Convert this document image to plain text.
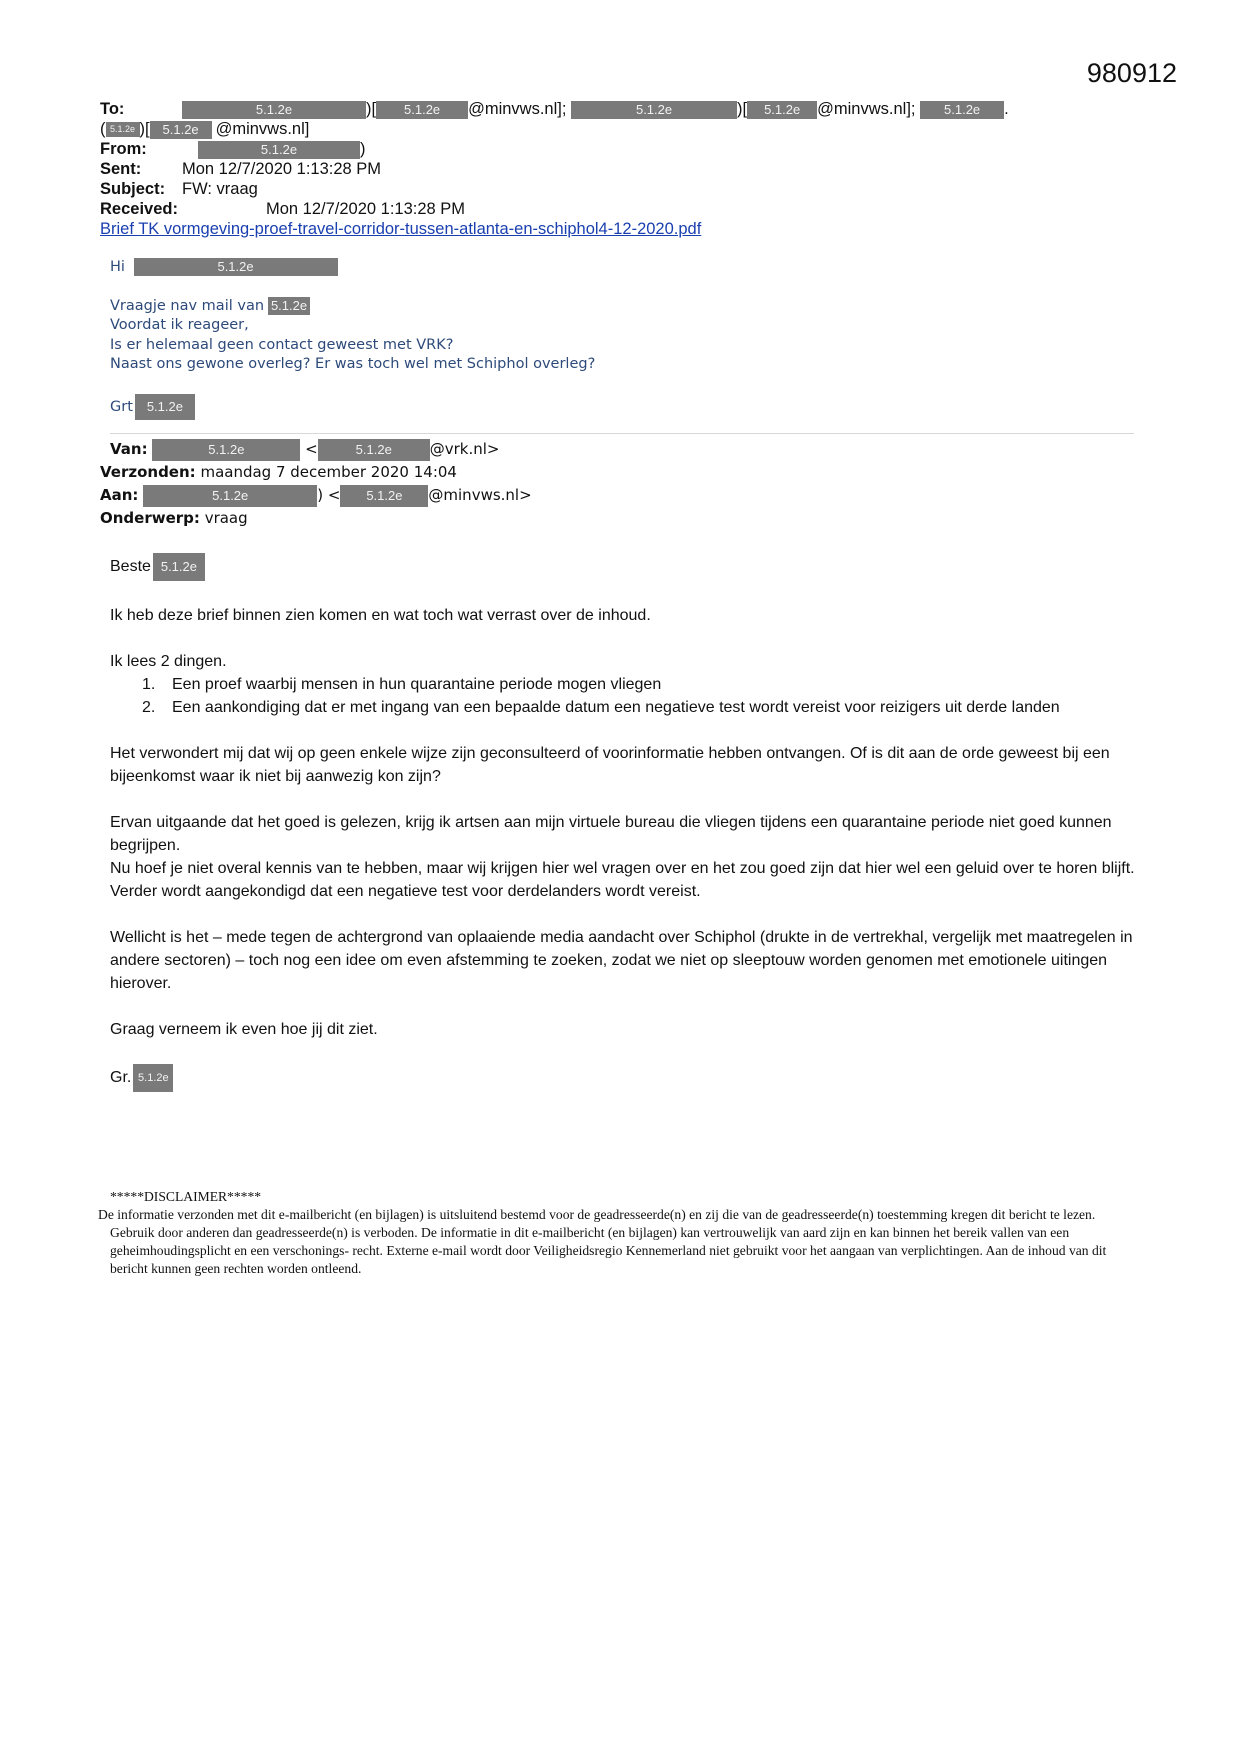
980912
To:	5.1.2e	)[ 5.1.2e @minvws.nl];	5.1.2e	)[ 5.1.2e @minvws.nl]; 5.1.2e .
( 5.1.2e )[ 5.1.2e @minvws.nl]
From:	5.1.2e	)
Sent: Mon 12/7/2020 1:13:28 PM
Subject: FW: vraag
Received:	Mon 12/7/2020 1:13:28 PM
Brief TK vormgeving-proef-travel-corridor-tussen-atlanta-en-schiphol4-12-2020.pdf
Hi	5.1.2e
Vraagje nav mail van 5.1.2e
Voordat ik reageer,
Is er helemaal geen contact geweest met VRK?
Naast ons gewone overleg? Er was toch wel met Schiphol overleg?
Grt 5.1.2e
Van:	5.1.2e	<	5.1.2e	@vrk.nl>
Verzonden: maandag 7 december 2020 14:04
Aan:	5.1.2e	) < 5.1.2e @minvws.nl>
Onderwerp: vraag

Beste 5.1.2e

Ik heb deze brief binnen zien komen en wat toch wat verrast over de inhoud.

Ik lees 2 dingen.

1. Een proef waarbij mensen in hun quarantaine periode mogen vliegen
2. Een aankondiging dat er met ingang van een bepaalde datum een negatieve test wordt vereist voor reizigers uit derde landen

Het verwondert mij dat wij op geen enkele wijze zijn geconsulteerd of voorinformatie hebben ontvangen. Of is dit aan de orde geweest bij een bijeenkomst waar ik niet bij aanwezig kon zijn?

Ervan uitgaande dat het goed is gelezen, krijg ik artsen aan mijn virtuele bureau die vliegen tijdens een quarantaine periode niet goed kunnen begrijpen.

Nu hoef je niet overal kennis van te hebben, maar wij krijgen hier wel vragen over en het zou goed zijn dat hier wel een geluid over te horen blijft.

Verder wordt aangekondigd dat een negatieve test voor derdelanders wordt vereist.

Wellicht is het – mede tegen de achtergrond van oplaaiende media aandacht over Schiphol (drukte in de vertrekhal, vergelijk met maatregelen in andere sectoren) – toch nog een idee om even afstemming te zoeken, zodat we niet op sleeptouw worden genomen met emotionele uitingen hierover.

Graag verneem ik even hoe jij dit ziet.

Gr. 5.1.2e

*****DISCLAIMER*****
De informatie verzonden met dit e-mailbericht (en bijlagen) is uitsluitend bestemd voor de geadresseerde(n) en zij die van de geadresseerde(n) toestemming kregen dit bericht te lezen. Gebruik door anderen dan geadresseerde(n) is verboden. De informatie in dit e-mailbericht (en bijlagen) kan vertrouwelijk van aard zijn en kan binnen het bereik vallen van een geheimhoudingsplicht en een verschonings- recht. Externe e-mail wordt door Veiligheidsregio Kennemerland niet gebruikt voor het aangaan van verplichtingen. Aan de inhoud van dit bericht kunnen geen rechten worden ontleend.
